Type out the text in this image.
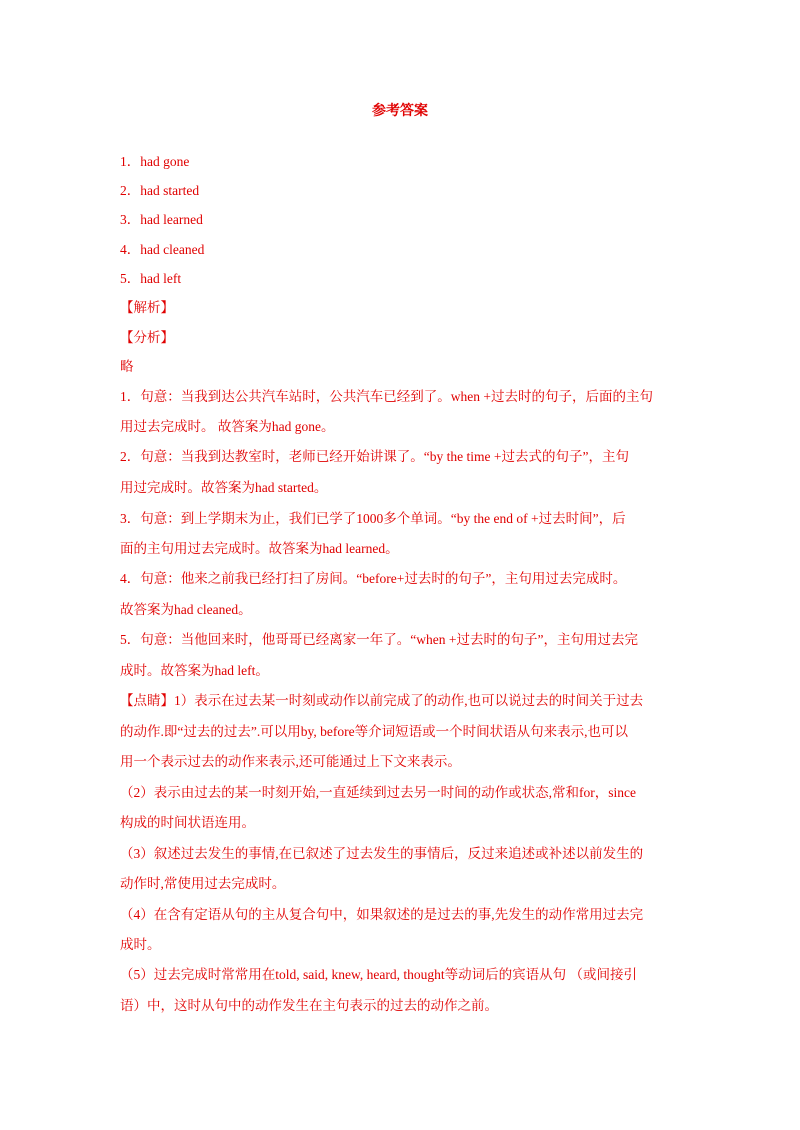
参考答案
1．had gone
2．had started
3．had learned
4．had cleaned
5．had left
【解析】
【分析】
略
1．句意：当我到达公共汽车站时，公共汽车已经到了。when +过去时的句子，后面的主句
用过去完成时。 故答案为had gone。
2．句意：当我到达教室时，老师已经开始讲课了。“by the time +过去式的句子”，主句
用过完成时。故答案为had started。
3．句意：到上学期末为止，我们已学了1000多个单词。“by the end of +过去时间”，后
面的主句用过去完成时。故答案为had learned。
4．句意：他来之前我已经打扫了房间。“before+过去时的句子”，主句用过去完成时。
故答案为had cleaned。
5．句意：当他回来时，他哥哥已经离家一年了。“when +过去时的句子”，主句用过去完
成时。故答案为had left。
【点睛】1）表示在过去某一时刻或动作以前完成了的动作,也可以说过去的时间关于过去
的动作.即“过去的过去”.可以用by, before等介词短语或一个时间状语从句来表示,也可以
用一个表示过去的动作来表示,还可能通过上下文来表示。
（2）表示由过去的某一时刻开始,一直延续到过去另一时间的动作或状态,常和for，since
构成的时间状语连用。
（3）叙述过去发生的事情,在已叙述了过去发生的事情后，反过来追述或补述以前发生的
动作时,常使用过去完成时。
（4）在含有定语从句的主从复合句中，如果叙述的是过去的事,先发生的动作常用过去完
成时。
（5）过去完成时常常用在told, said, knew, heard, thought等动词后的宾语从句 （或间接引
语）中，这时从句中的动作发生在主句表示的过去的动作之前。
